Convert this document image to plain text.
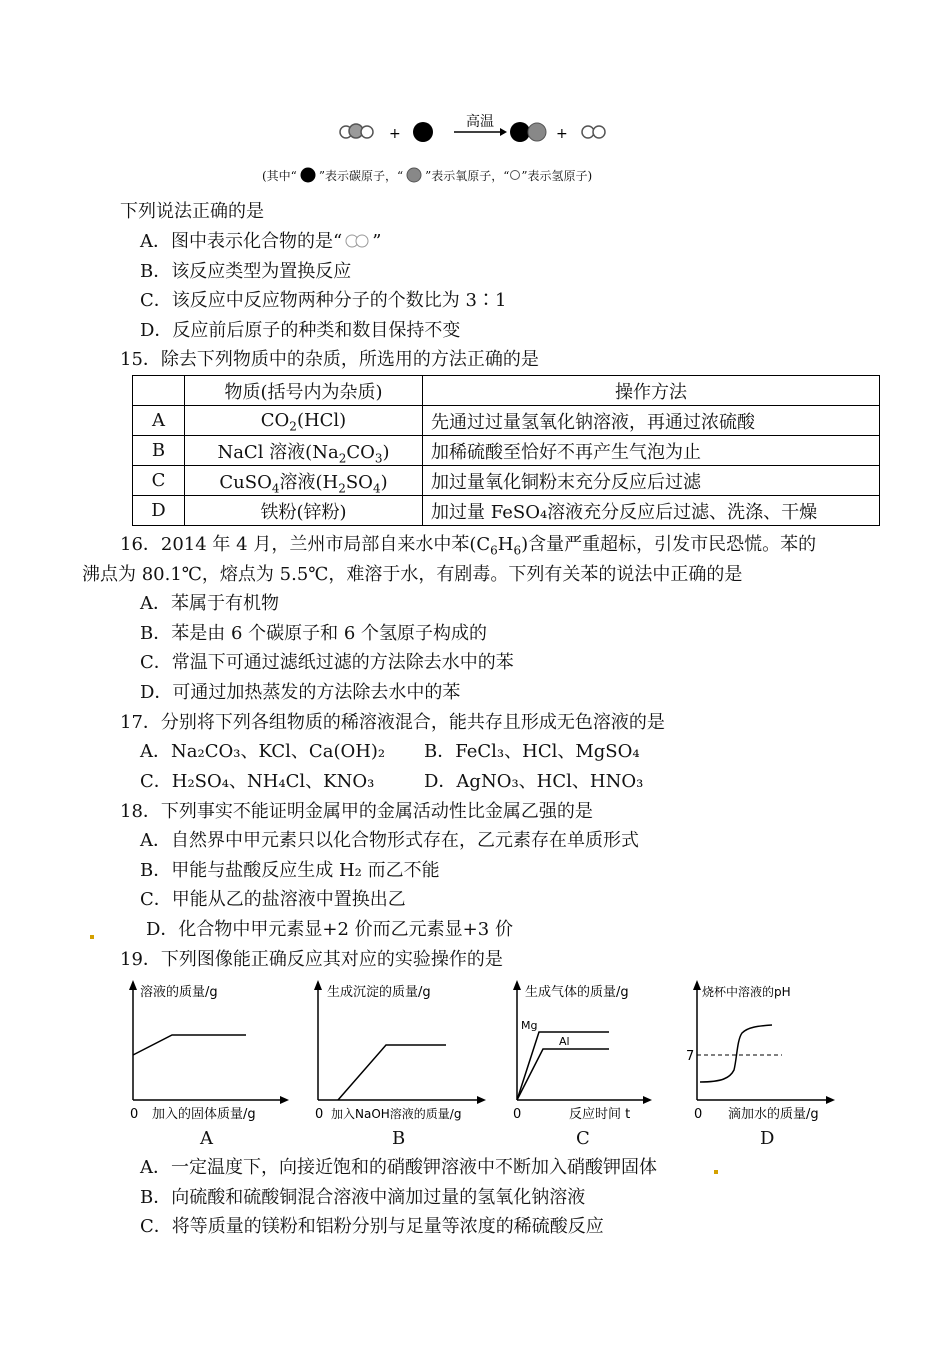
+
高温
+
(其中“ ”表示碳原子，“ ”表示氧原子，“ ”表示氢原子)
下列说法正确的是
A．图中表示化合物的是“ ”
B．该反应类型为置换反应
C．该反应中反应物两种分子的个数比为 3∶1
D．反应前后原子的种类和数目保持不变
15．除去下列物质中的杂质，所选用的方法正确的是
	物质(括号内为杂质)	操作方法
A	$CO_2(HCl)$	先通过过量氢氧化钠溶液，再通过浓硫酸
B	NaCl 溶液$(Na_2CO_3)$	加稀硫酸至恰好不再产生气泡为止
C	CuSO$_4$溶液$(H_2SO_4)$	加过量氧化铜粉末充分反应后过滤
D	铁粉(锌粉)	加过量 FeSO₄溶液充分反应后过滤、洗涤、干燥
16．2014 年 4 月，兰州市局部自来水中苯$(C_6H_6)$含量严重超标，引发市民恐慌。苯的
沸点为 80.1℃，熔点为 5.5℃，难溶于水，有剧毒。下列有关苯的说法中正确的是
A．苯属于有机物
B．苯是由 6 个碳原子和 6 个氢原子构成的
C．常温下可通过滤纸过滤的方法除去水中的苯
D．可通过加热蒸发的方法除去水中的苯
17．分别将下列各组物质的稀溶液混合，能共存且形成无色溶液的是
A．Na₂CO₃、KCl、Ca(OH)₂ B．FeCl₃、HCl、MgSO₄
C．H₂SO₄、NH₄Cl、KNO₃	D．AgNO₃、HCl、HNO₃
18．下列事实不能证明金属甲的金属活动性比金属乙强的是
A．自然界中甲元素只以化合物形式存在，乙元素存在单质形式
B．甲能与盐酸反应生成 H₂ 而乙不能
C．甲能从乙的盐溶液中置换出乙
D．化合物中甲元素显+2 价而乙元素显+3 价
19．下列图像能正确反应其对应的实验操作的是
溶液的质量/g
0 加入的固体质量/g
生成沉淀的质量/g
0 加入NaOH溶液的质量/g
生成气体的质量/g
0	反应时间 t
Mg
Al
烧杯中溶液的pH
0 滴加水的质量/g
7
A	B	C	D
A．一定温度下，向接近饱和的硝酸钾溶液中不断加入硝酸钾固体
B．向硫酸和硫酸铜混合溶液中滴加过量的氢氧化钠溶液
C．将等质量的镁粉和铝粉分别与足量等浓度的稀硫酸反应
